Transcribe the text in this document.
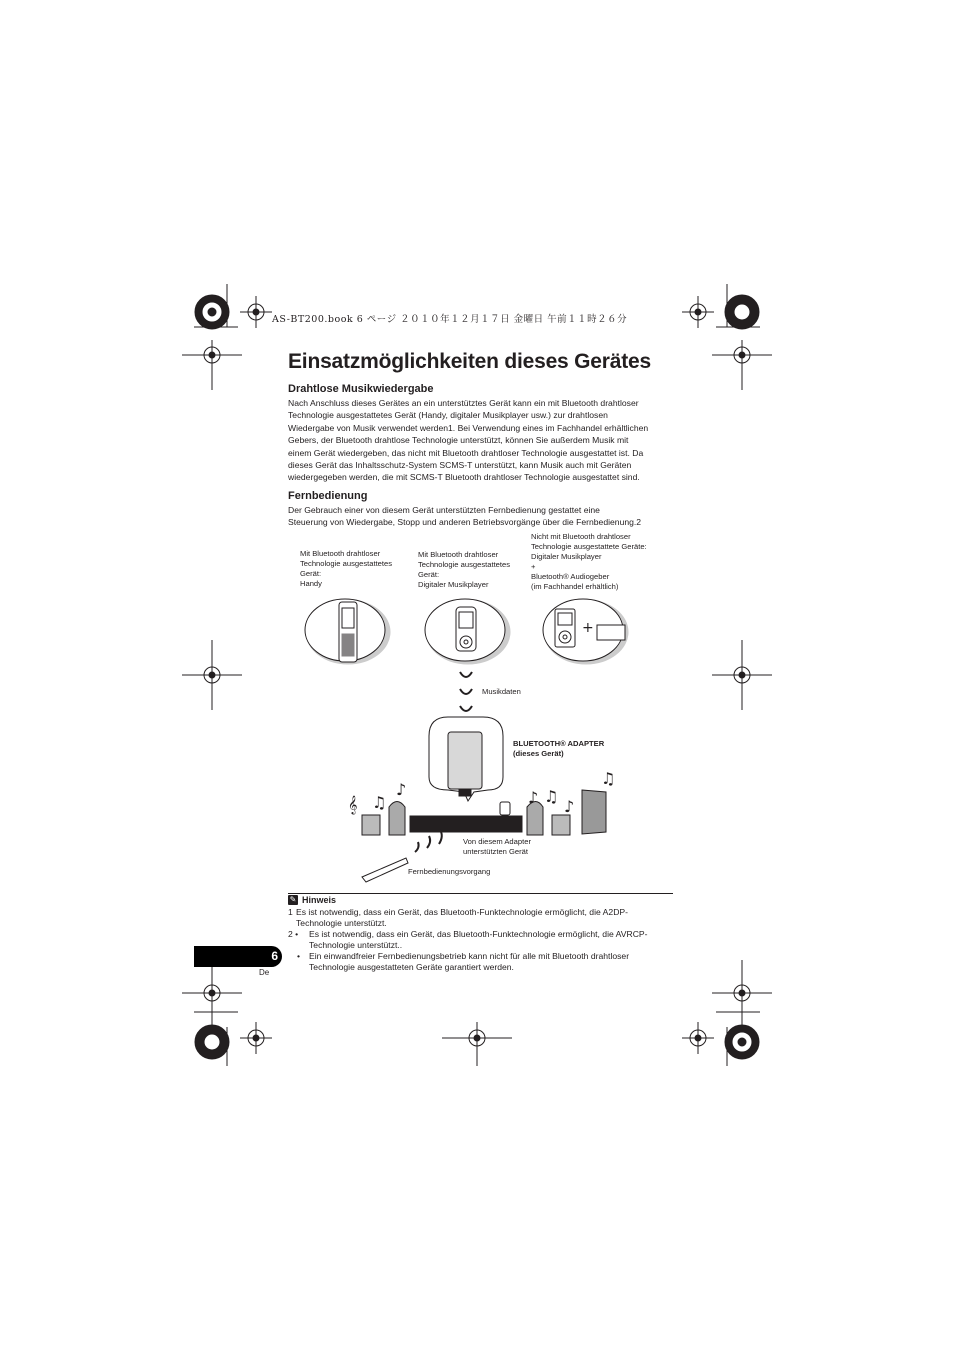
AS-BT200.book 6 ページ ２０１０年１２月１７日 金曜日 午前１１時２６分
Einsatzmöglichkeiten dieses Gerätes
Drahtlose Musikwiedergabe

Nach Anschluss dieses Gerätes an ein unterstütztes Gerät kann ein mit Bluetooth drahtloser

Technologie ausgestattetes Gerät (Handy, digitaler Musikplayer usw.) zur drahtlosen

Wiedergabe von Musik verwendet werden1. Bei Verwendung eines im Fachhandel erhältlichen

Gebers, der Bluetooth drahtlose Technologie unterstützt, können Sie außerdem Musik mit

einem Gerät wiedergeben, das nicht mit Bluetooth drahtloser Technologie ausgestattet ist. Da

dieses Gerät das Inhaltsschutz-System SCMS-T unterstützt, kann Musik auch mit Geräten

wiedergegeben werden, die mit SCMS-T Bluetooth drahtloser Technologie ausgestattet sind.

Fernbedienung

Der Gebrauch einer von diesem Gerät unterstützten Fernbedienung gestattet eine

Steuerung von Wiedergabe, Stopp und anderen Betriebsvorgänge über die Fernbedienung.2

Mit Bluetooth drahtloser
Technologie ausgestattetes
Gerät:
Handy
Mit Bluetooth drahtloser
Technologie ausgestattetes
Gerät:
Digitaler Musikplayer
Nicht mit Bluetooth drahtloser
Technologie ausgestattete Geräte:
Digitaler Musikplayer
+
Bluetooth® Audiogeber
(im Fachhandel erhältlich)
+
𝄞 ♫
♪	♪ ♫
♪
♫
Musikdaten
BLUETOOTH® ADAPTER
(dieses Gerät)
Von diesem Adapter
unterstützten Gerät
Fernbedienungsvorgang
✎ Hinweis
1 Es ist notwendig, dass ein Gerät, das Bluetooth-Funktechnologie ermöglicht, die A2DP-
Technologie unterstützt.
2 • Es ist notwendig, dass ein Gerät, das Bluetooth-Funktechnologie ermöglicht, die AVRCP-
Technologie unterstützt..
• Ein einwandfreier Fernbedienungsbetrieb kann nicht für alle mit Bluetooth drahtloser
Technologie ausgestatteten Geräte garantiert werden.
6
De
